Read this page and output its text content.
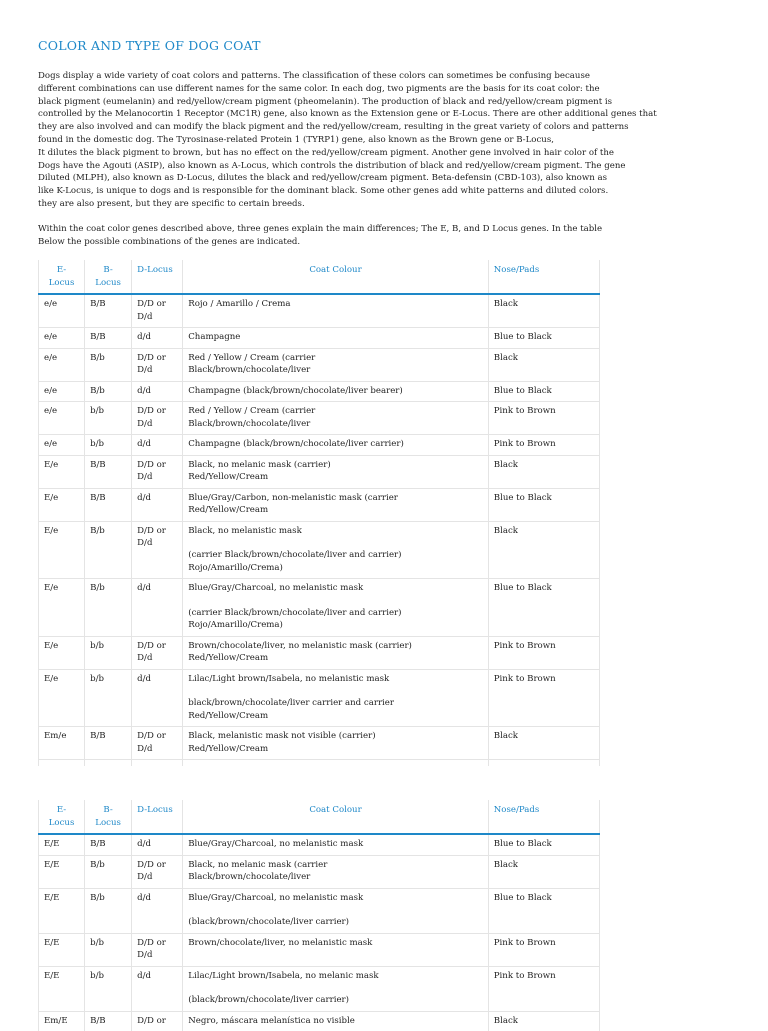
COLOR AND TYPE OF DOG COAT
Dogs display a wide variety of coat colors and patterns. The classification of these colors can sometimes be confusing because
different combinations can use different names for the same color. In each dog, two pigments are the basis for its coat color: the
black pigment (eumelanin) and red/yellow/cream pigment (pheomelanin). The production of black and red/yellow/cream pigment is
controlled by the Melanocortin 1 Receptor (MC1R) gene, also known as the Extension gene or E-Locus. There are other additional genes that
they are also involved and can modify the black pigment and the red/yellow/cream, resulting in the great variety of colors and patterns
found in the domestic dog. The Tyrosinase-related Protein 1 (TYRP1) gene, also known as the Brown gene or B-Locus,
It dilutes the black pigment to brown, but has no effect on the red/yellow/cream pigment. Another gene involved in hair color of the
Dogs have the Agouti (ASIP), also known as A-Locus, which controls the distribution of black and red/yellow/cream pigment. The gene
Diluted (MLPH), also known as D-Locus, dilutes the black and red/yellow/cream pigment. Beta-defensin (CBD-103), also known as
like K-Locus, is unique to dogs and is responsible for the dominant black. Some other genes add white patterns and diluted colors.
they are also present, but they are specific to certain breeds.
Within the coat color genes described above, three genes explain the main differences; The E, B, and D Locus genes. In the table
Below the possible combinations of the genes are indicated.
E-
Locus	B-
Locus	D-Locus	Coat Colour	Nose/Pads
e/e	B/B	D/D or
D/d	Rojo / Amarillo / Crema	Black
e/e	B/B	d/d	Champagne	Blue to Black
e/e	B/b	D/D or
D/d	Red / Yellow / Cream (carrier
Black/brown/chocolate/liver	Black
e/e	B/b	d/d	Champagne (black/brown/chocolate/liver bearer)	Blue to Black
e/e	b/b	D/D or
D/d	Red / Yellow / Cream (carrier
Black/brown/chocolate/liver	Pink to Brown
e/e	b/b	d/d	Champagne (black/brown/chocolate/liver carrier)	Pink to Brown
E/e	B/B	D/D or
D/d	Black, no melanic mask (carrier)
Red/Yellow/Cream	Black
E/e	B/B	d/d	Blue/Gray/Carbon, non-melanistic mask (carrier
Red/Yellow/Cream	Blue to Black
E/e	B/b	D/D or
D/d	Black, no melanistic mask
(carrier Black/brown/chocolate/liver and carrier)
Rojo/Amarillo/Crema)	Black
E/e	B/b	d/d	Blue/Gray/Charcoal, no melanistic mask
(carrier Black/brown/chocolate/liver and carrier)
Rojo/Amarillo/Crema)	Blue to Black
E/e	b/b	D/D or
D/d	Brown/chocolate/liver, no melanistic mask (carrier)
Red/Yellow/Cream	Pink to Brown
E/e	b/b	d/d	Lilac/Light brown/Isabela, no melanistic mask
black/brown/chocolate/liver carrier and carrier
Red/Yellow/Cream	Pink to Brown
Em/e	B/B	D/D or
D/d	Black, melanistic mask not visible (carrier)
Red/Yellow/Cream	Black

E-
Locus	B-
Locus	D-Locus	Coat Colour	Nose/Pads
E/E	B/B	d/d	Blue/Gray/Charcoal, no melanistic mask	Blue to Black
E/E	B/b	D/D or
D/d	Black, no melanic mask (carrier
Black/brown/chocolate/liver	Black
E/E	B/b	d/d	Blue/Gray/Charcoal, no melanistic mask
(black/brown/chocolate/liver carrier)	Blue to Black
E/E	b/b	D/D or
D/d	Brown/chocolate/liver, no melanistic mask	Pink to Brown
E/E	b/b	d/d	Lilac/Light brown/Isabela, no melanic mask
(black/brown/chocolate/liver carrier)	Pink to Brown
Em/E	B/B	D/D or	Negro, máscara melanística no visible	Black
